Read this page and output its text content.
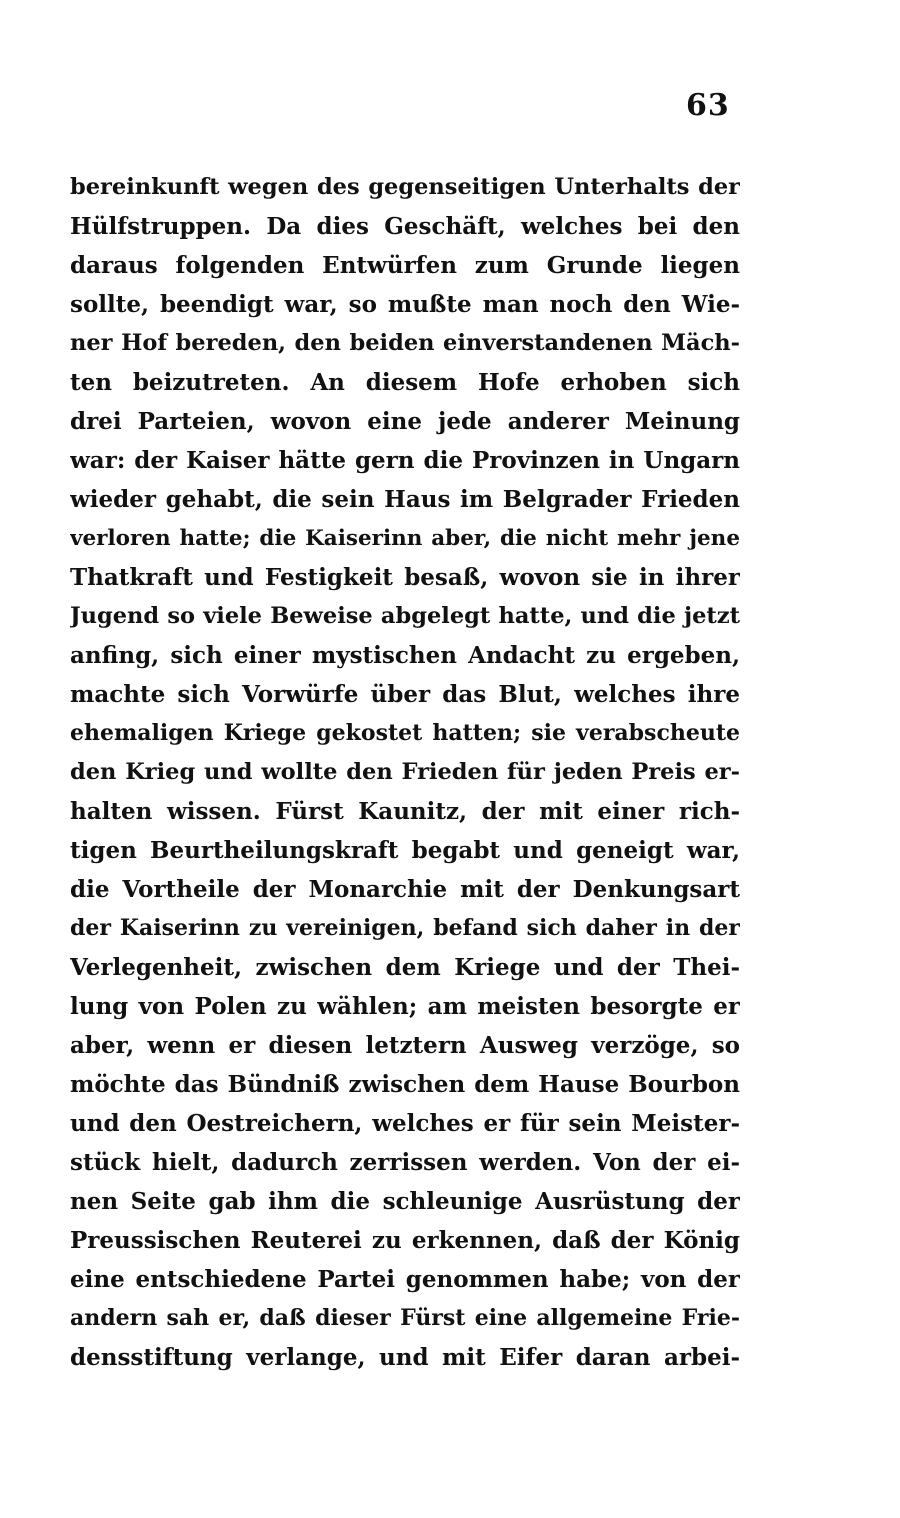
63
bereinkunft wegen des gegenseitigen Unterhalts der
Hülfstruppen. Da dies Geschäft, welches bei den
daraus folgenden Entwürfen zum Grunde liegen
sollte, beendigt war, so mußte man noch den Wie-
ner Hof bereden, den beiden einverstandenen Mäch-
ten beizutreten. An diesem Hofe erhoben sich
drei Parteien, wovon eine jede anderer Meinung
war: der Kaiser hätte gern die Provinzen in Ungarn
wieder gehabt, die sein Haus im Belgrader Frieden
verloren hatte; die Kaiserinn aber, die nicht mehr jene
Thatkraft und Festigkeit besaß, wovon sie in ihrer
Jugend so viele Beweise abgelegt hatte, und die jetzt
anfing, sich einer mystischen Andacht zu ergeben,
machte sich Vorwürfe über das Blut, welches ihre
ehemaligen Kriege gekostet hatten; sie verabscheute
den Krieg und wollte den Frieden für jeden Preis er-
halten wissen. Fürst Kaunitz, der mit einer rich-
tigen Beurtheilungskraft begabt und geneigt war,
die Vortheile der Monarchie mit der Denkungsart
der Kaiserinn zu vereinigen, befand sich daher in der
Verlegenheit, zwischen dem Kriege und der Thei-
lung von Polen zu wählen; am meisten besorgte er
aber, wenn er diesen letztern Ausweg verzöge, so
möchte das Bündniß zwischen dem Hause Bourbon
und den Oestreichern, welches er für sein Meister-
stück hielt, dadurch zerrissen werden. Von der ei-
nen Seite gab ihm die schleunige Ausrüstung der
Preussischen Reuterei zu erkennen, daß der König
eine entschiedene Partei genommen habe; von der
andern sah er, daß dieser Fürst eine allgemeine Frie-
densstiftung verlange, und mit Eifer daran arbei-
